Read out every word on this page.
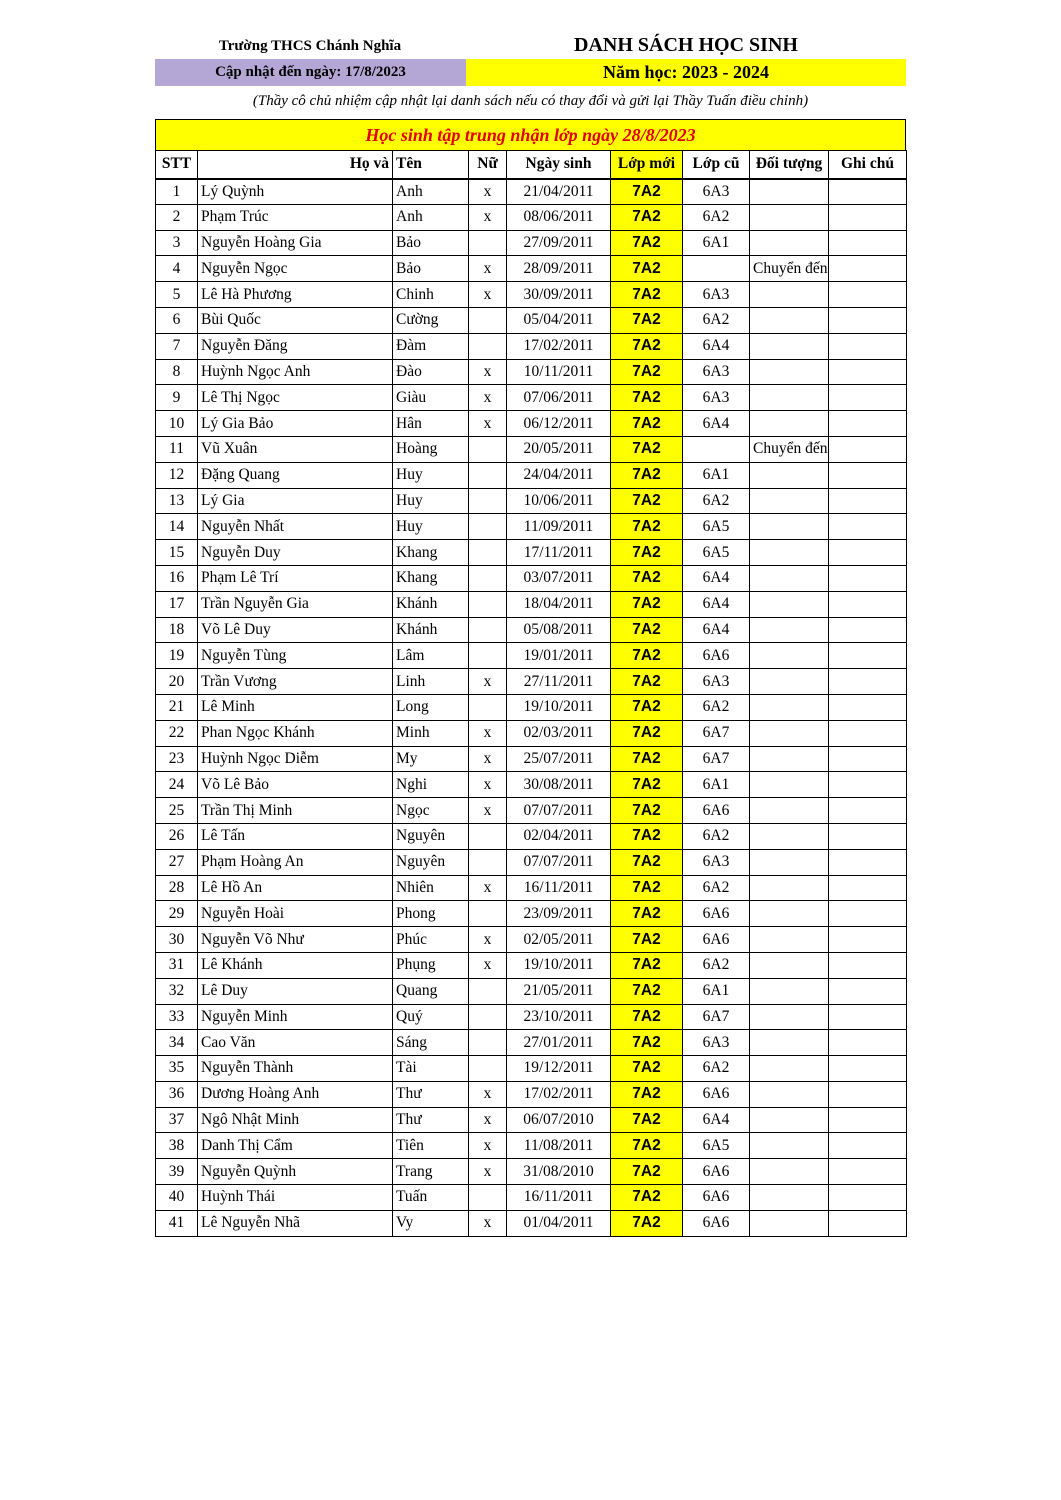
Trường THCS Chánh Nghĩa	DANH SÁCH HỌC SINH
Cập nhật đến ngày: 17/8/2023	Năm học: 2023 - 2024
(Thầy cô chủ nhiệm cập nhật lại danh sách nếu có thay đổi và gửi lại Thầy Tuấn điều chỉnh)
Học sinh tập trung nhận lớp ngày 28/8/2023
STT	Họ và	Tên	Nữ	Ngày sinh	Lớp mới	Lớp cũ	Đối tượng	Ghi chú
1	Lý Quỳnh	Anh	x	21/04/2011	7A2	6A3		
2	Phạm Trúc	Anh	x	08/06/2011	7A2	6A2		
3	Nguyễn Hoàng Gia	Bảo		27/09/2011	7A2	6A1		
4	Nguyễn Ngọc	Bảo	x	28/09/2011	7A2		Chuyển đến	
5	Lê Hà Phương	Chinh	x	30/09/2011	7A2	6A3		
6	Bùi Quốc	Cường		05/04/2011	7A2	6A2		
7	Nguyễn Đăng	Đàm		17/02/2011	7A2	6A4		
8	Huỳnh Ngọc Anh	Đào	x	10/11/2011	7A2	6A3		
9	Lê Thị Ngọc	Giàu	x	07/06/2011	7A2	6A3		
10	Lý Gia Bảo	Hân	x	06/12/2011	7A2	6A4		
11	Vũ Xuân	Hoàng		20/05/2011	7A2		Chuyển đến	
12	Đặng Quang	Huy		24/04/2011	7A2	6A1		
13	Lý Gia	Huy		10/06/2011	7A2	6A2		
14	Nguyễn Nhất	Huy		11/09/2011	7A2	6A5		
15	Nguyễn Duy	Khang		17/11/2011	7A2	6A5		
16	Phạm Lê Trí	Khang		03/07/2011	7A2	6A4		
17	Trần Nguyễn Gia	Khánh		18/04/2011	7A2	6A4		
18	Võ Lê Duy	Khánh		05/08/2011	7A2	6A4		
19	Nguyễn Tùng	Lâm		19/01/2011	7A2	6A6		
20	Trần Vương	Linh	x	27/11/2011	7A2	6A3		
21	Lê Minh	Long		19/10/2011	7A2	6A2		
22	Phan Ngọc Khánh	Minh	x	02/03/2011	7A2	6A7		
23	Huỳnh Ngọc Diễm	My	x	25/07/2011	7A2	6A7		
24	Võ Lê Bảo	Nghi	x	30/08/2011	7A2	6A1		
25	Trần Thị Minh	Ngọc	x	07/07/2011	7A2	6A6		
26	Lê Tấn	Nguyên		02/04/2011	7A2	6A2		
27	Phạm Hoàng An	Nguyên		07/07/2011	7A2	6A3		
28	Lê Hồ An	Nhiên	x	16/11/2011	7A2	6A2		
29	Nguyễn Hoài	Phong		23/09/2011	7A2	6A6		
30	Nguyễn Võ Như	Phúc	x	02/05/2011	7A2	6A6		
31	Lê Khánh	Phụng	x	19/10/2011	7A2	6A2		
32	Lê Duy	Quang		21/05/2011	7A2	6A1		
33	Nguyễn Minh	Quý		23/10/2011	7A2	6A7		
34	Cao Văn	Sáng		27/01/2011	7A2	6A3		
35	Nguyễn Thành	Tài		19/12/2011	7A2	6A2		
36	Dương Hoàng Anh	Thư	x	17/02/2011	7A2	6A6		
37	Ngô Nhật Minh	Thư	x	06/07/2010	7A2	6A4		
38	Danh Thị Cẩm	Tiên	x	11/08/2011	7A2	6A5		
39	Nguyễn Quỳnh	Trang	x	31/08/2010	7A2	6A6		
40	Huỳnh Thái	Tuấn		16/11/2011	7A2	6A6		
41	Lê Nguyễn Nhã	Vy	x	01/04/2011	7A2	6A6		
